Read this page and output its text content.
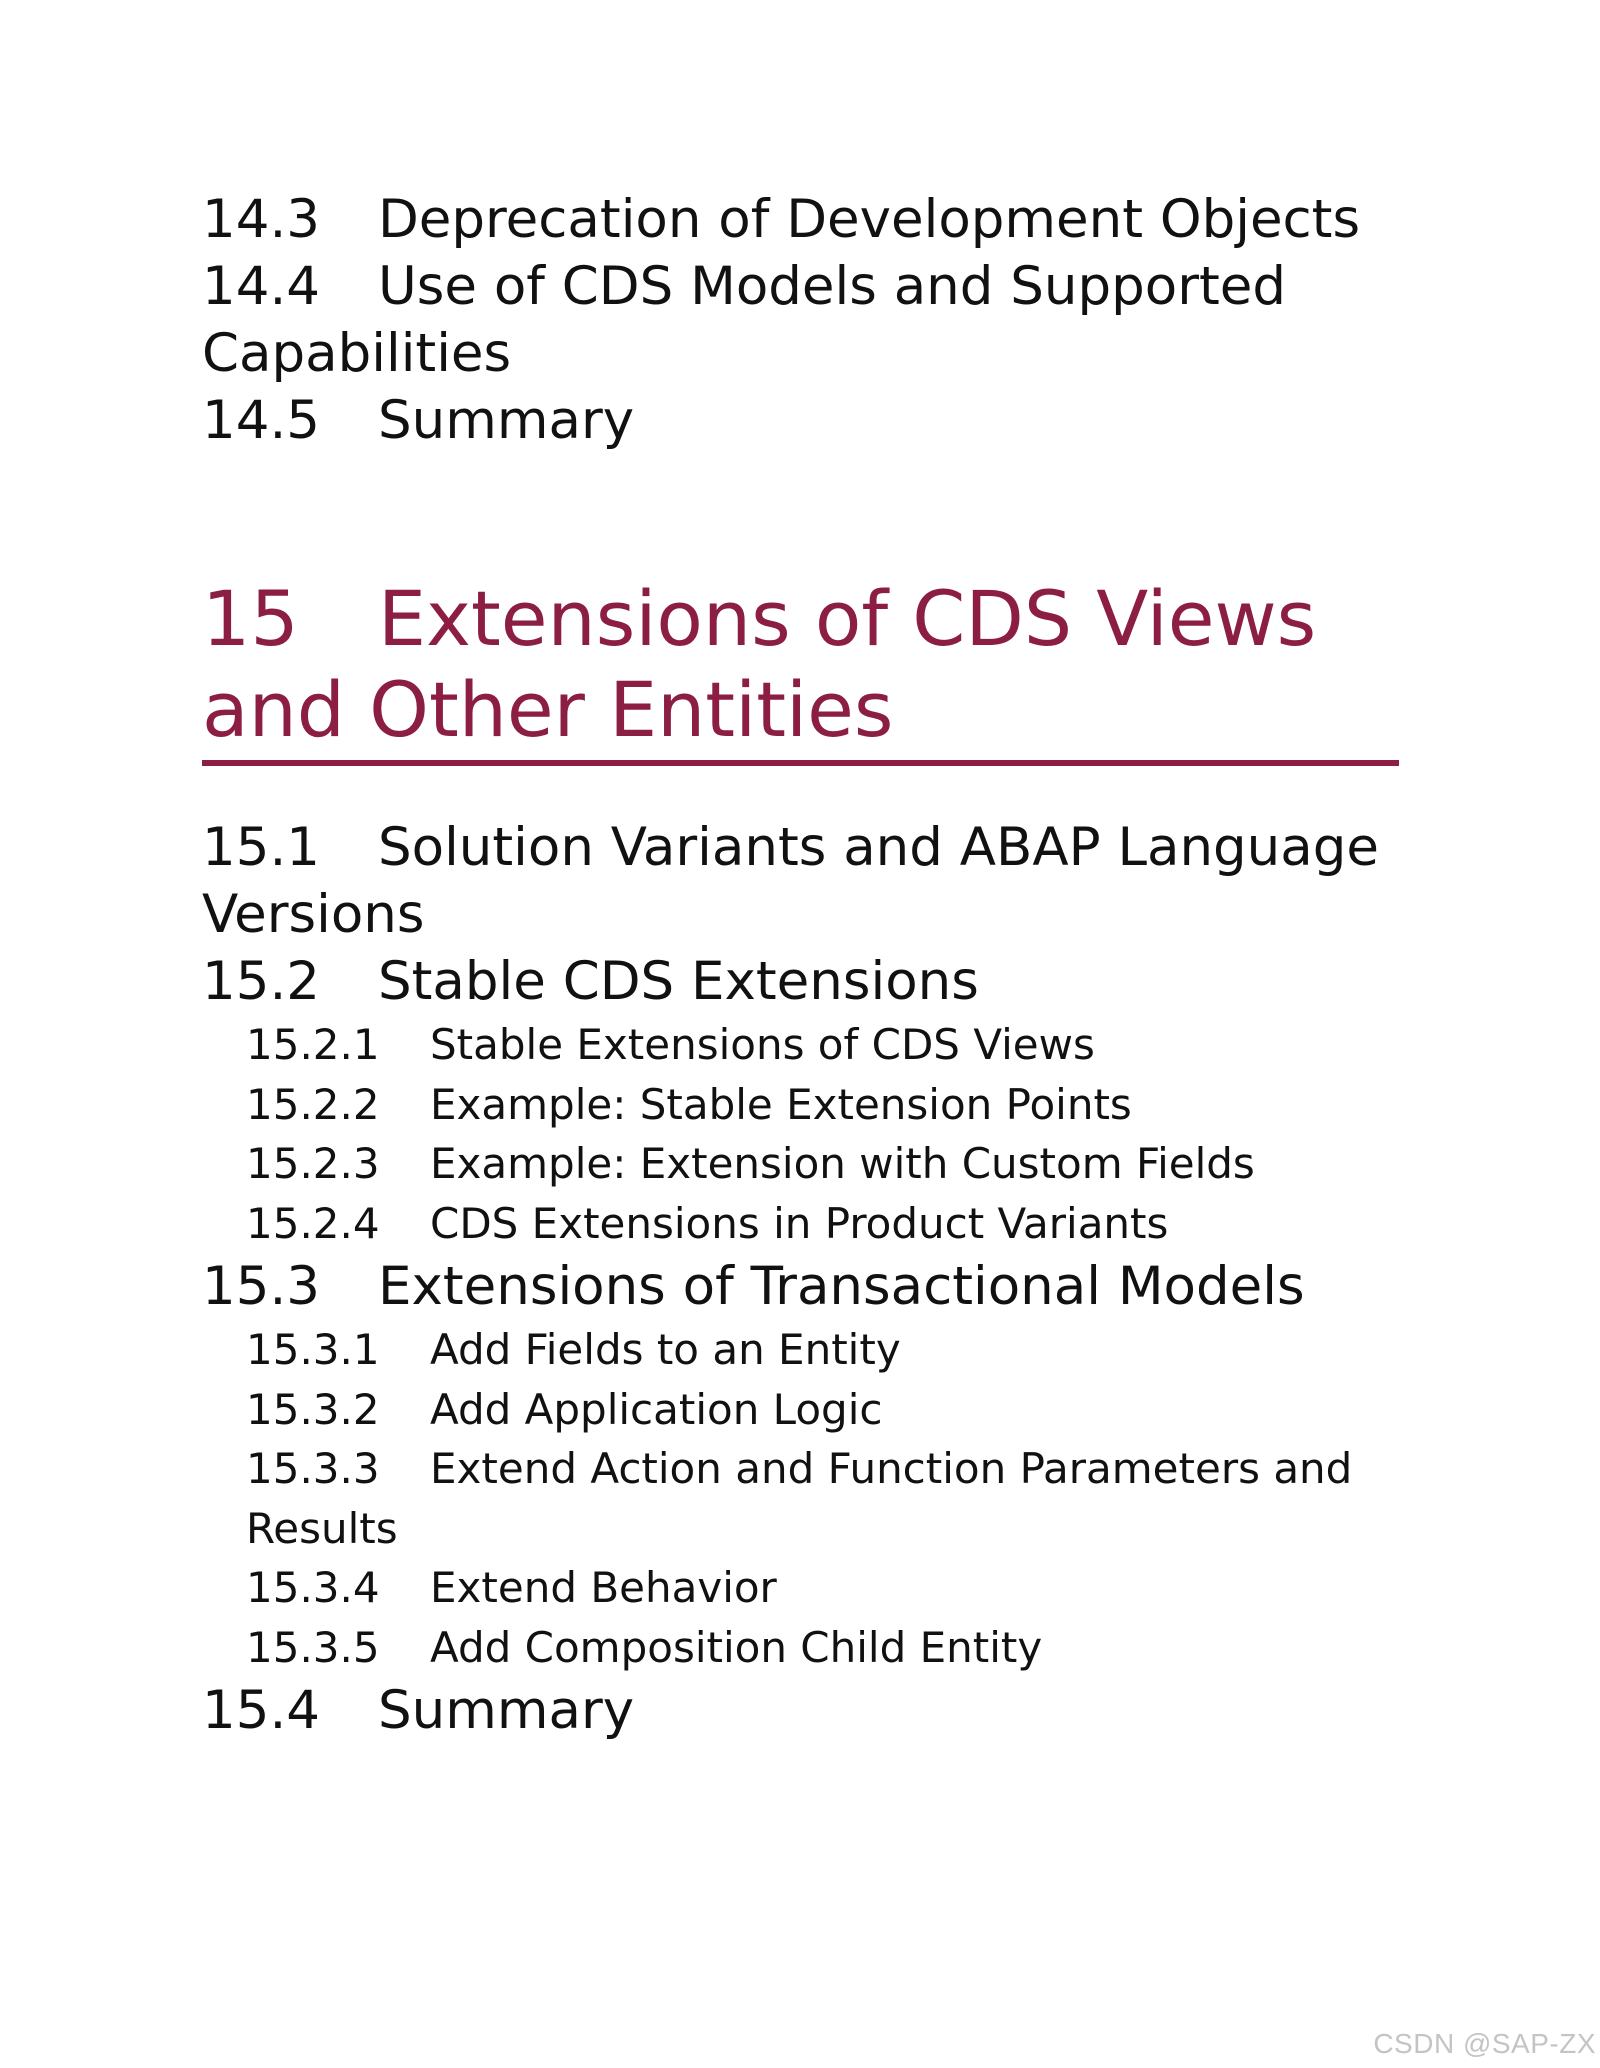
14.3 Deprecation of Development Objects

14.4 Use of CDS Models and Supported Capabilities

14.5 Summary

15 Extensions of CDS Views and Other Entities

15.1 Solution Variants and ABAP Language Versions

15.2 Stable CDS Extensions

15.2.1 Stable Extensions of CDS Views

15.2.2 Example: Stable Extension Points

15.2.3 Example: Extension with Custom Fields

15.2.4 CDS Extensions in Product Variants

15.3 Extensions of Transactional Models

15.3.1 Add Fields to an Entity

15.3.2 Add Application Logic

15.3.3 Extend Action and Function Parameters and Results

15.3.4 Extend Behavior

15.3.5 Add Composition Child Entity

15.4 Summary

CSDN @SAP-ZX
